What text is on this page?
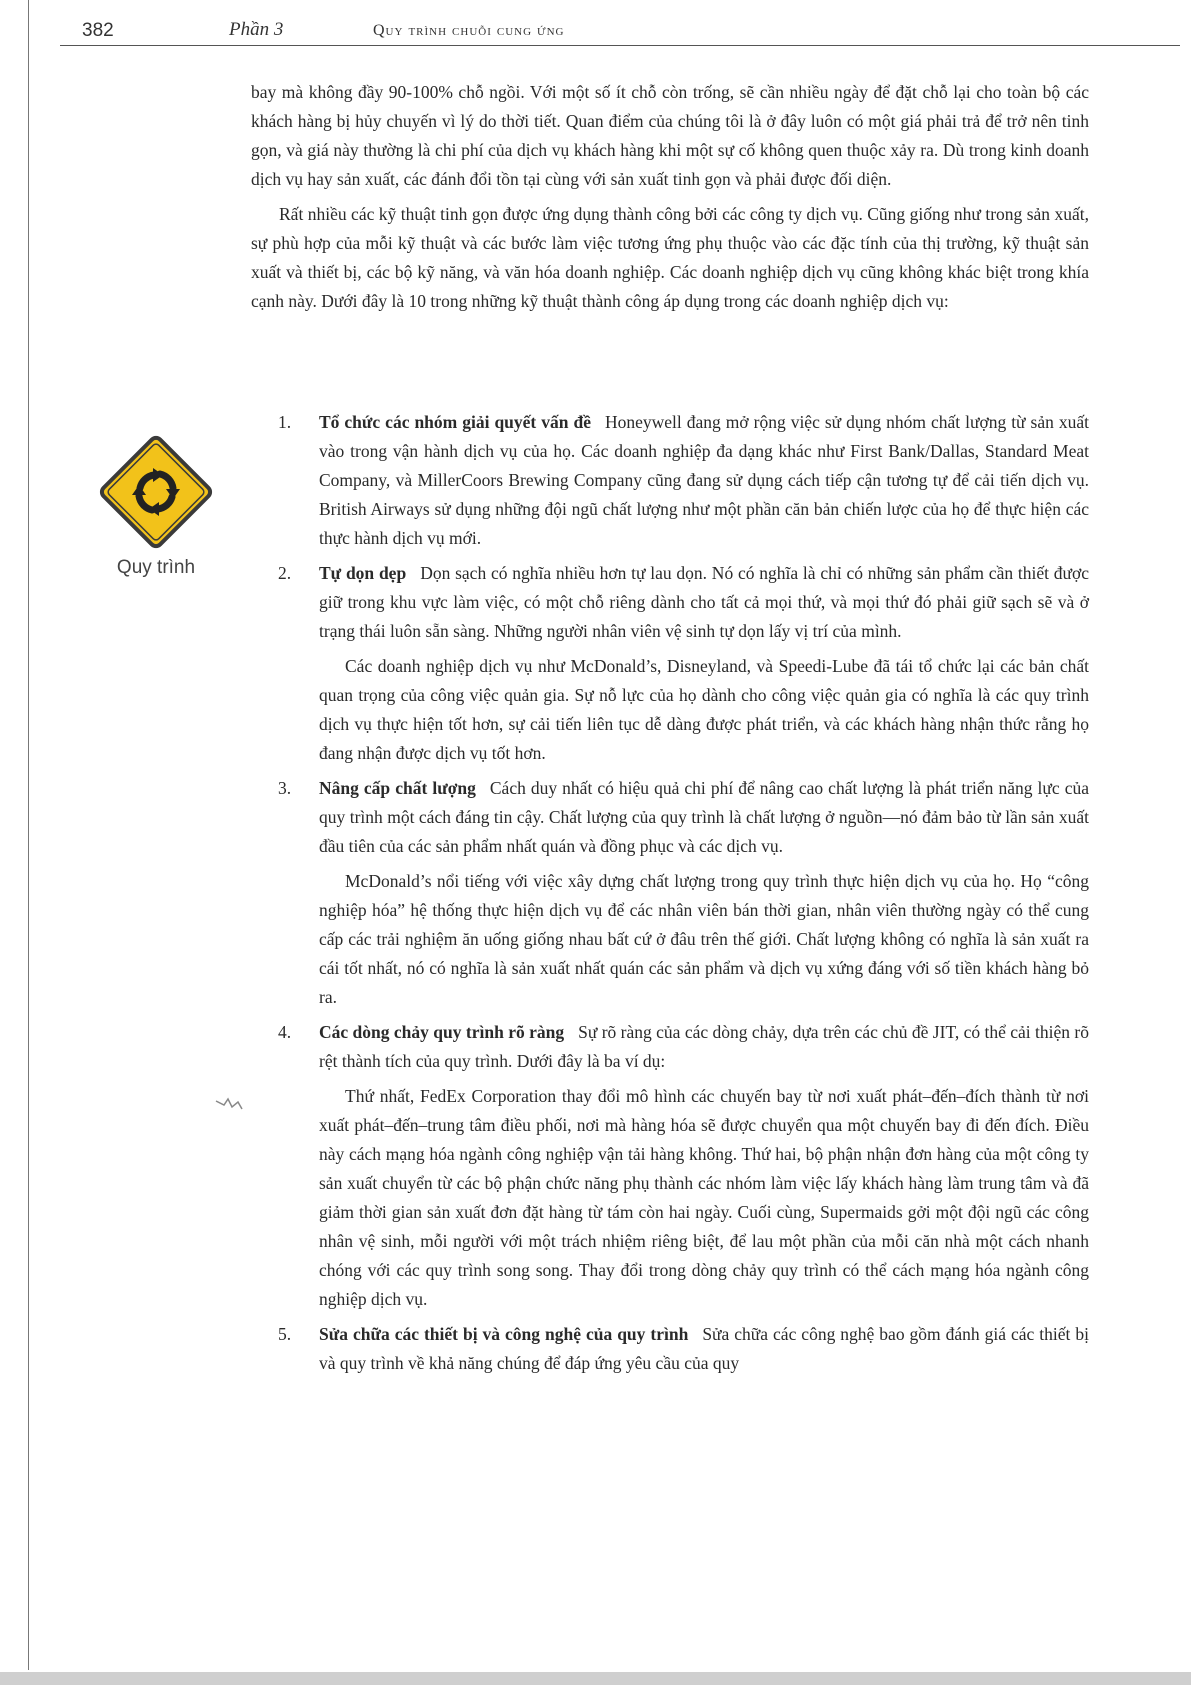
382	Phần 3	Quy trình chuỗi cung ứng

bay mà không đầy 90-100% chỗ ngồi. Với một số ít chỗ còn trống, sẽ cần nhiều ngày để đặt chỗ lại cho toàn bộ các khách hàng bị hủy chuyến vì lý do thời tiết. Quan điểm của chúng tôi là ở đây luôn có một giá phải trả để trở nên tinh gọn, và giá này thường là chi phí của dịch vụ khách hàng khi một sự cố không quen thuộc xảy ra. Dù trong kinh doanh dịch vụ hay sản xuất, các đánh đổi tồn tại cùng với sản xuất tinh gọn và phải được đối diện.

Rất nhiều các kỹ thuật tinh gọn được ứng dụng thành công bởi các công ty dịch vụ. Cũng giống như trong sản xuất, sự phù hợp của mỗi kỹ thuật và các bước làm việc tương ứng phụ thuộc vào các đặc tính của thị trường, kỹ thuật sản xuất và thiết bị, các bộ kỹ năng, và văn hóa doanh nghiệp. Các doanh nghiệp dịch vụ cũng không khác biệt trong khía cạnh này. Dưới đây là 10 trong những kỹ thuật thành công áp dụng trong các doanh nghiệp dịch vụ:

Quy trình
1. Tổ chức các nhóm giải quyết vấn đề Honeywell đang mở rộng việc sử dụng nhóm chất lượng từ sản xuất vào trong vận hành dịch vụ của họ. Các doanh nghiệp đa dạng khác như First Bank/Dallas, Standard Meat Company, và MillerCoors Brewing Company cũng đang sử dụng cách tiếp cận tương tự để cải tiến dịch vụ. British Airways sử dụng những đội ngũ chất lượng như một phần căn bản chiến lược của họ để thực hiện các thực hành dịch vụ mới.

2. Tự dọn dẹp Dọn sạch có nghĩa nhiều hơn tự lau dọn. Nó có nghĩa là chỉ có những sản phẩm cần thiết được giữ trong khu vực làm việc, có một chỗ riêng dành cho tất cả mọi thứ, và mọi thứ đó phải giữ sạch sẽ và ở trạng thái luôn sẵn sàng. Những người nhân viên vệ sinh tự dọn lấy vị trí của mình.

Các doanh nghiệp dịch vụ như McDonald’s, Disneyland, và Speedi-Lube đã tái tổ chức lại các bản chất quan trọng của công việc quản gia. Sự nỗ lực của họ dành cho công việc quản gia có nghĩa là các quy trình dịch vụ thực hiện tốt hơn, sự cải tiến liên tục dễ dàng được phát triển, và các khách hàng nhận thức rằng họ đang nhận được dịch vụ tốt hơn.

3. Nâng cấp chất lượng Cách duy nhất có hiệu quả chi phí để nâng cao chất lượng là phát triển năng lực của quy trình một cách đáng tin cậy. Chất lượng của quy trình là chất lượng ở nguồn—nó đảm bảo từ lần sản xuất đầu tiên của các sản phẩm nhất quán và đồng phục và các dịch vụ.

McDonald’s nổi tiếng với việc xây dựng chất lượng trong quy trình thực hiện dịch vụ của họ. Họ “công nghiệp hóa” hệ thống thực hiện dịch vụ để các nhân viên bán thời gian, nhân viên thường ngày có thể cung cấp các trải nghiệm ăn uống giống nhau bất cứ ở đâu trên thế giới. Chất lượng không có nghĩa là sản xuất ra cái tốt nhất, nó có nghĩa là sản xuất nhất quán các sản phẩm và dịch vụ xứng đáng với số tiền khách hàng bỏ ra.

4. Các dòng chảy quy trình rõ ràng Sự rõ ràng của các dòng chảy, dựa trên các chủ đề JIT, có thể cải thiện rõ rệt thành tích của quy trình. Dưới đây là ba ví dụ:

Thứ nhất, FedEx Corporation thay đổi mô hình các chuyến bay từ nơi xuất phát–đến–đích thành từ nơi xuất phát–đến–trung tâm điều phối, nơi mà hàng hóa sẽ được chuyển qua một chuyến bay đi đến đích. Điều này cách mạng hóa ngành công nghiệp vận tải hàng không. Thứ hai, bộ phận nhận đơn hàng của một công ty sản xuất chuyển từ các bộ phận chức năng phụ thành các nhóm làm việc lấy khách hàng làm trung tâm và đã giảm thời gian sản xuất đơn đặt hàng từ tám còn hai ngày. Cuối cùng, Supermaids gởi một đội ngũ các công nhân vệ sinh, mỗi người với một trách nhiệm riêng biệt, để lau một phần của mỗi căn nhà một cách nhanh chóng với các quy trình song song. Thay đổi trong dòng chảy quy trình có thể cách mạng hóa ngành công nghiệp dịch vụ.

5. Sửa chữa các thiết bị và công nghệ của quy trình Sửa chữa các công nghệ bao gồm đánh giá các thiết bị và quy trình về khả năng chúng để đáp ứng yêu cầu của quy
